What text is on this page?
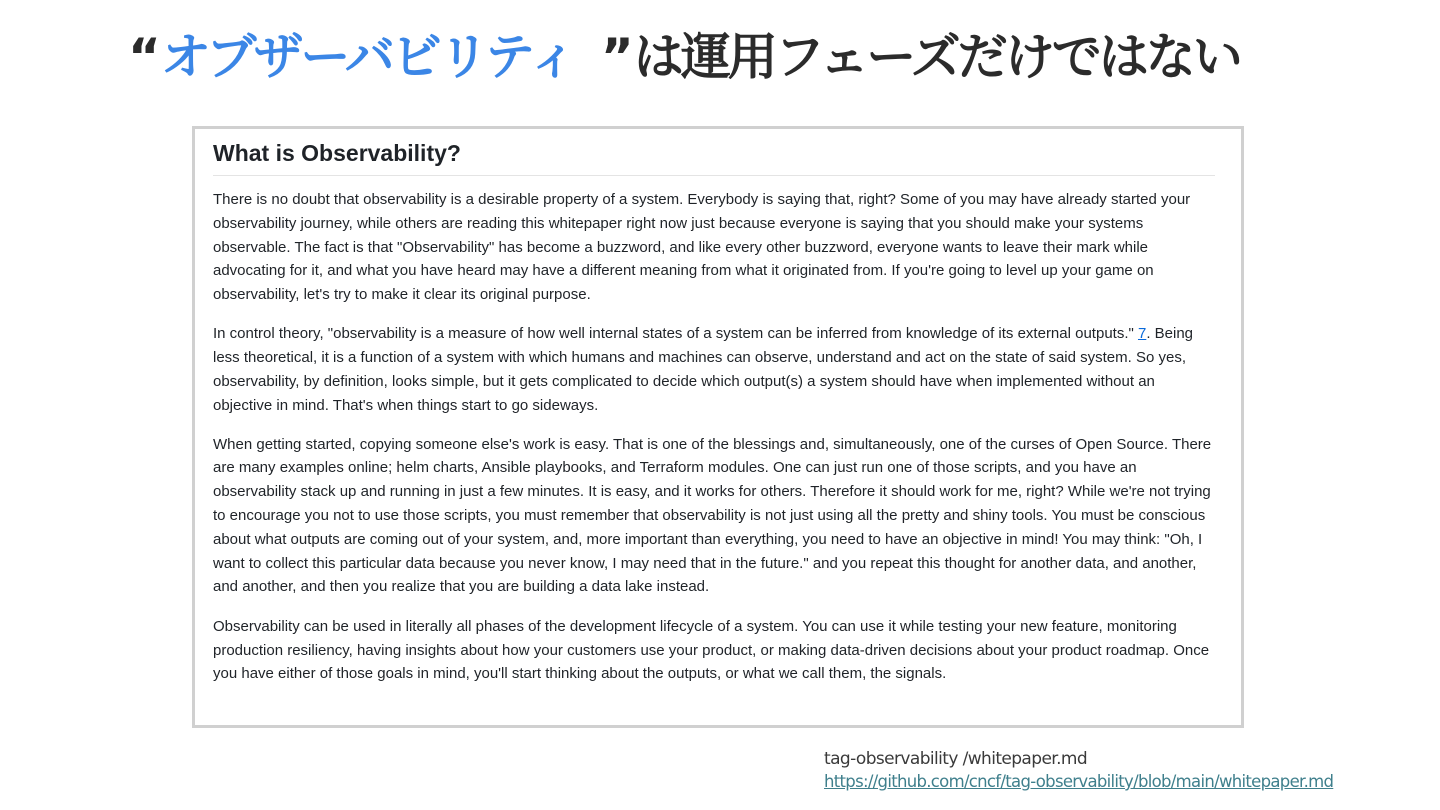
“オブザーバビリティ ”は運用フェーズだけではない
What is Observability?

There is no doubt that observability is a desirable property of a system. Everybody is saying that, right? Some of you may have already started your observability journey, while others are reading this whitepaper right now just because everyone is saying that you should make your systems observable. The fact is that "Observability" has become a buzzword, and like every other buzzword, everyone wants to leave their mark while advocating for it, and what you have heard may have a different meaning from what it originated from. If you're going to level up your game on observability, let's try to make it clear its original purpose.

In control theory, "observability is a measure of how well internal states of a system can be inferred from knowledge of its external outputs." 7. Being less theoretical, it is a function of a system with which humans and machines can observe, understand and act on the state of said system. So yes, observability, by definition, looks simple, but it gets complicated to decide which output(s) a system should have when implemented without an objective in mind. That's when things start to go sideways.

When getting started, copying someone else's work is easy. That is one of the blessings and, simultaneously, one of the curses of Open Source. There are many examples online; helm charts, Ansible playbooks, and Terraform modules. One can just run one of those scripts, and you have an observability stack up and running in just a few minutes. It is easy, and it works for others. Therefore it should work for me, right? While we're not trying to encourage you not to use those scripts, you must remember that observability is not just using all the pretty and shiny tools. You must be conscious about what outputs are coming out of your system, and, more important than everything, you need to have an objective in mind! You may think: "Oh, I want to collect this particular data because you never know, I may need that in the future." and you repeat this thought for another data, and another, and another, and then you realize that you are building a data lake instead.

Observability can be used in literally all phases of the development lifecycle of a system. You can use it while testing your new feature, monitoring production resiliency, having insights about how your customers use your product, or making data-driven decisions about your product roadmap. Once you have either of those goals in mind, you'll start thinking about the outputs, or what we call them, the signals.

tag-observability /whitepaper.md
https://github.com/cncf/tag-observability/blob/main/whitepaper.md
